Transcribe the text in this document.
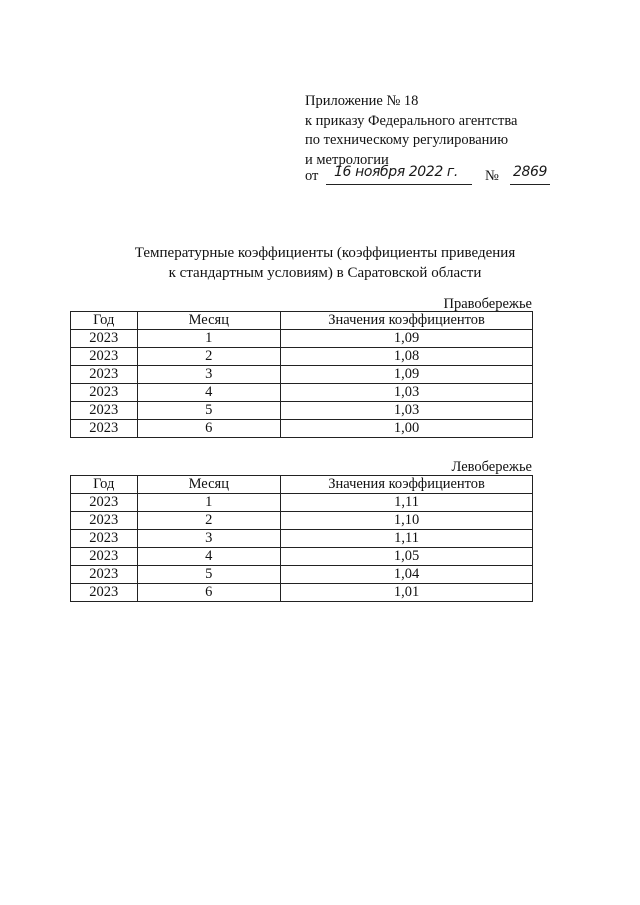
Приложение № 18
к приказу Федерального агентства
по техническому регулированию
и метрологии
от 16 ноября 2022 г. № 2869
Температурные коэффициенты (коэффициенты приведения
к стандартным условиям) в Саратовской области
Правобережье
Год	Месяц	Значения коэффициентов
2023	1	1,09
2023	2	1,08
2023	3	1,09
2023	4	1,03
2023	5	1,03
2023	6	1,00
Левобережье
Год	Месяц	Значения коэффициентов
2023	1	1,11
2023	2	1,10
2023	3	1,11
2023	4	1,05
2023	5	1,04
2023	6	1,01
